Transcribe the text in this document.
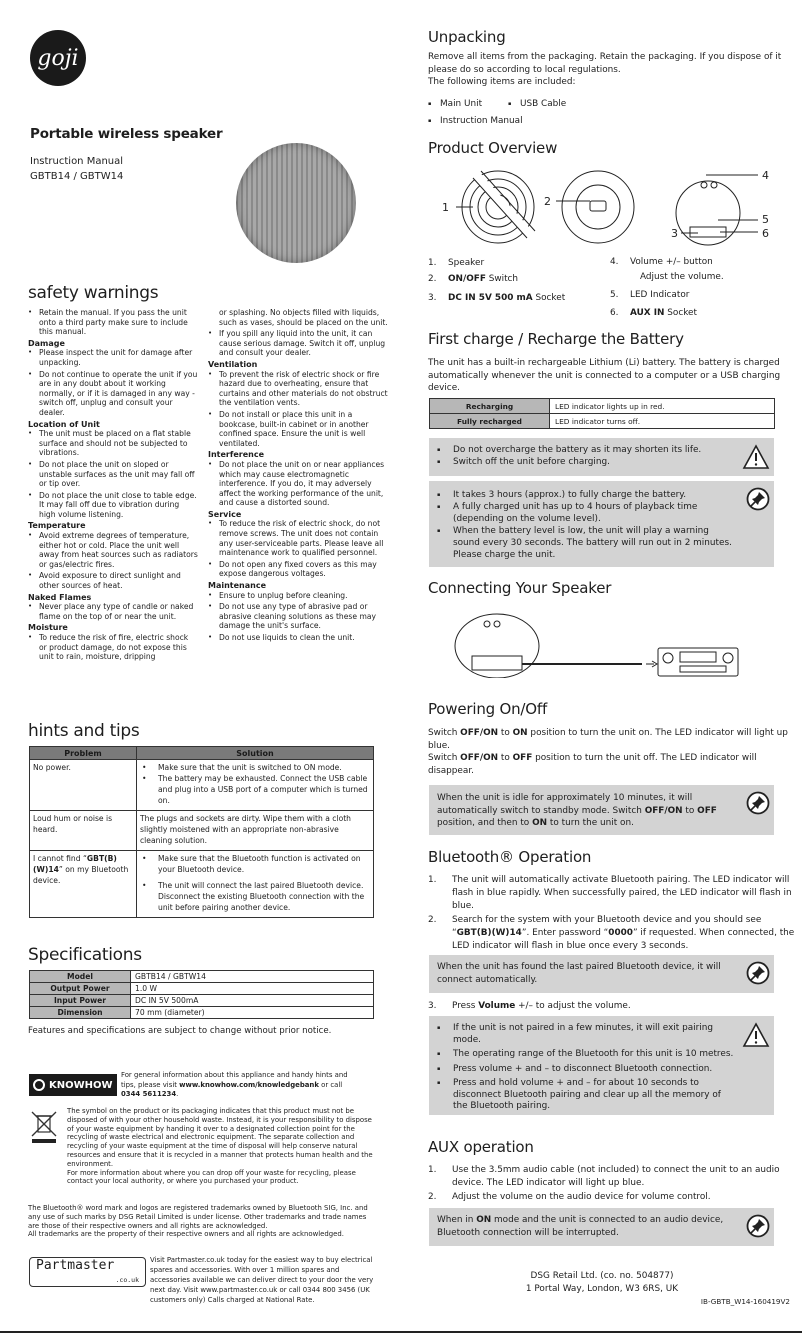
goji
Portable wireless speaker
Instruction Manual
GBTB14 / GBTW14
safety warnings
• Retain the manual. If you pass the unit onto a third party make sure to include this manual.
Damage
• Please inspect the unit for damage after unpacking.
• Do not continue to operate the unit if you are in any doubt about it working normally, or if it is damaged in any way - switch off, unplug and consult your dealer.
Location of Unit
• The unit must be placed on a flat stable surface and should not be subjected to vibrations.
• Do not place the unit on sloped or unstable surfaces as the unit may fall off or tip over.
• Do not place the unit close to table edge. It may fall off due to vibration during high volume listening.
Temperature
• Avoid extreme degrees of temperature, either hot or cold. Place the unit well away from heat sources such as radiators or gas/electric fires.
• Avoid exposure to direct sunlight and other sources of heat.
Naked Flames
• Never place any type of candle or naked flame on the top of or near the unit.
Moisture
• To reduce the risk of fire, electric shock or product damage, do not expose this unit to rain, moisture, dripping
or splashing. No objects filled with liquids, such as vases, should be placed on the unit.
• If you spill any liquid into the unit, it can cause serious damage. Switch it off, unplug and consult your dealer.
Ventilation
• To prevent the risk of electric shock or fire hazard due to overheating, ensure that curtains and other materials do not obstruct the ventilation vents.
• Do not install or place this unit in a bookcase, built-in cabinet or in another confined space. Ensure the unit is well ventilated.
Interference
• Do not place the unit on or near appliances which may cause electromagnetic interference. If you do, it may adversely affect the working performance of the unit, and cause a distorted sound.
Service
• To reduce the risk of electric shock, do not remove screws. The unit does not contain any user-serviceable parts. Please leave all maintenance work to qualified personnel.
• Do not open any fixed covers as this may expose dangerous voltages.
Maintenance
• Ensure to unplug before cleaning.
• Do not use any type of abrasive pad or abrasive cleaning solutions as these may damage the unit's surface.
• Do not use liquids to clean the unit.
hints and tips
Problem	Solution
No power.	• Make sure that the unit is switched to ON mode.
• The battery may be exhausted. Connect the USB cable and plug into a USB port of a computer which is turned on.

Loud hum or noise is heard.	The plugs and sockets are dirty. Wipe them with a cloth slightly moistened with an appropriate non-abrasive cleaning solution.
I cannot find “GBT(B)(W)14” on my Bluetooth device.	• Make sure that the Bluetooth function is activated on your Bluetooth device.
• The unit will connect the last paired Bluetooth device. Disconnect the existing Bluetooth connection with the unit before pairing another device.
Specifications
Model	GBTB14 / GBTW14
Output Power	1.0 W
Input Power	DC IN 5V 500mA
Dimension	70 mm (diameter)
Features and specifications are subject to change without prior notice.
KNOWHOW
For general information about this appliance and handy hints and tips, please visit www.knowhow.com/knowledgebank or call 0344 5611234.
The symbol on the product or its packaging indicates that this product must not be disposed of with your other household waste. Instead, it is your responsibility to dispose of your waste equipment by handing it over to a designated collection point for the recycling of waste electrical and electronic equipment. The separate collection and recycling of your waste equipment at the time of disposal will help conserve natural resources and ensure that it is recycled in a manner that protects human health and the environment.
For more information about where you can drop off your waste for recycling, please contact your local authority, or where you purchased your product.
The Bluetooth® word mark and logos are registered trademarks owned by Bluetooth SIG, Inc. and any use of such marks by DSG Retail Limited is under license. Other trademarks and trade names are those of their respective owners and all rights are acknowledged.
All trademarks are the property of their respective owners and all rights are acknowledged.
Partmaster
.co.uk
Visit Partmaster.co.uk today for the easiest way to buy electrical spares and accessories. With over 1 million spares and accessories available we can deliver direct to your door the very next day. Visit www.partmaster.co.uk or call 0344 800 3456 (UK customers only) Calls charged at National Rate.
Unpacking
Remove all items from the packaging. Retain the packaging. If you dispose of it please do so according to local regulations.
The following items are included:
▪ Main Unit	▪ USB Cable
▪ Instruction Manual
Product Overview
1	2
3
4
5
6
1. Speaker
2. ON/OFF Switch
3. DC IN 5V 500 mA Socket
4. Volume +/– button
Adjust the volume.
5. LED Indicator
6. AUX IN Socket
First charge / Recharge the Battery
The unit has a built-in rechargeable Lithium (Li) battery. The battery is charged automatically whenever the unit is connected to a computer or a USB charging device.
Recharging	LED indicator lights up in red.
Fully recharged	LED indicator turns off.
▪ Do not overcharge the battery as it may shorten its life.
▪ Switch off the unit before charging.
▪ It takes 3 hours (approx.) to fully charge the battery.
▪ A fully charged unit has up to 4 hours of playback time (depending on the volume level).
▪ When the battery level is low, the unit will play a warning sound every 30 seconds. The battery will run out in 2 minutes. Please charge the unit.
Connecting Your Speaker
Powering On/Off
Switch OFF/ON to ON position to turn the unit on. The LED indicator will light up blue.
Switch OFF/ON to OFF position to turn the unit off. The LED indicator will disappear.
When the unit is idle for approximately 10 minutes, it will automatically switch to standby mode. Switch OFF/ON to OFF position, and then to ON to turn the unit on.
Bluetooth® Operation
1. The unit will automatically activate Bluetooth pairing. The LED indicator will flash in blue rapidly. When successfully paired, the LED indicator will flash in blue.
2. Search for the system with your Bluetooth device and you should see “GBT(B)(W)14”. Enter password “0000” if requested. When connected, the LED indicator will flash in blue once every 3 seconds.
When the unit has found the last paired Bluetooth device, it will connect automatically.
3. Press Volume +/– to adjust the volume.
▪ If the unit is not paired in a few minutes, it will exit pairing mode.
▪ The operating range of the Bluetooth for this unit is 10 metres.
▪ Press volume + and – to disconnect Bluetooth connection.
▪ Press and hold volume + and – for about 10 seconds to disconnect Bluetooth pairing and clear up all the memory of the Bluetooth pairing.
AUX operation
1. Use the 3.5mm audio cable (not included) to connect the unit to an audio device. The LED indicator will light up blue.
2. Adjust the volume on the audio device for volume control.
When in ON mode and the unit is connected to an audio device, Bluetooth connection will be interrupted.
DSG Retail Ltd. (co. no. 504877)
1 Portal Way, London, W3 6RS, UK
IB-GBTB_W14-160419V2
